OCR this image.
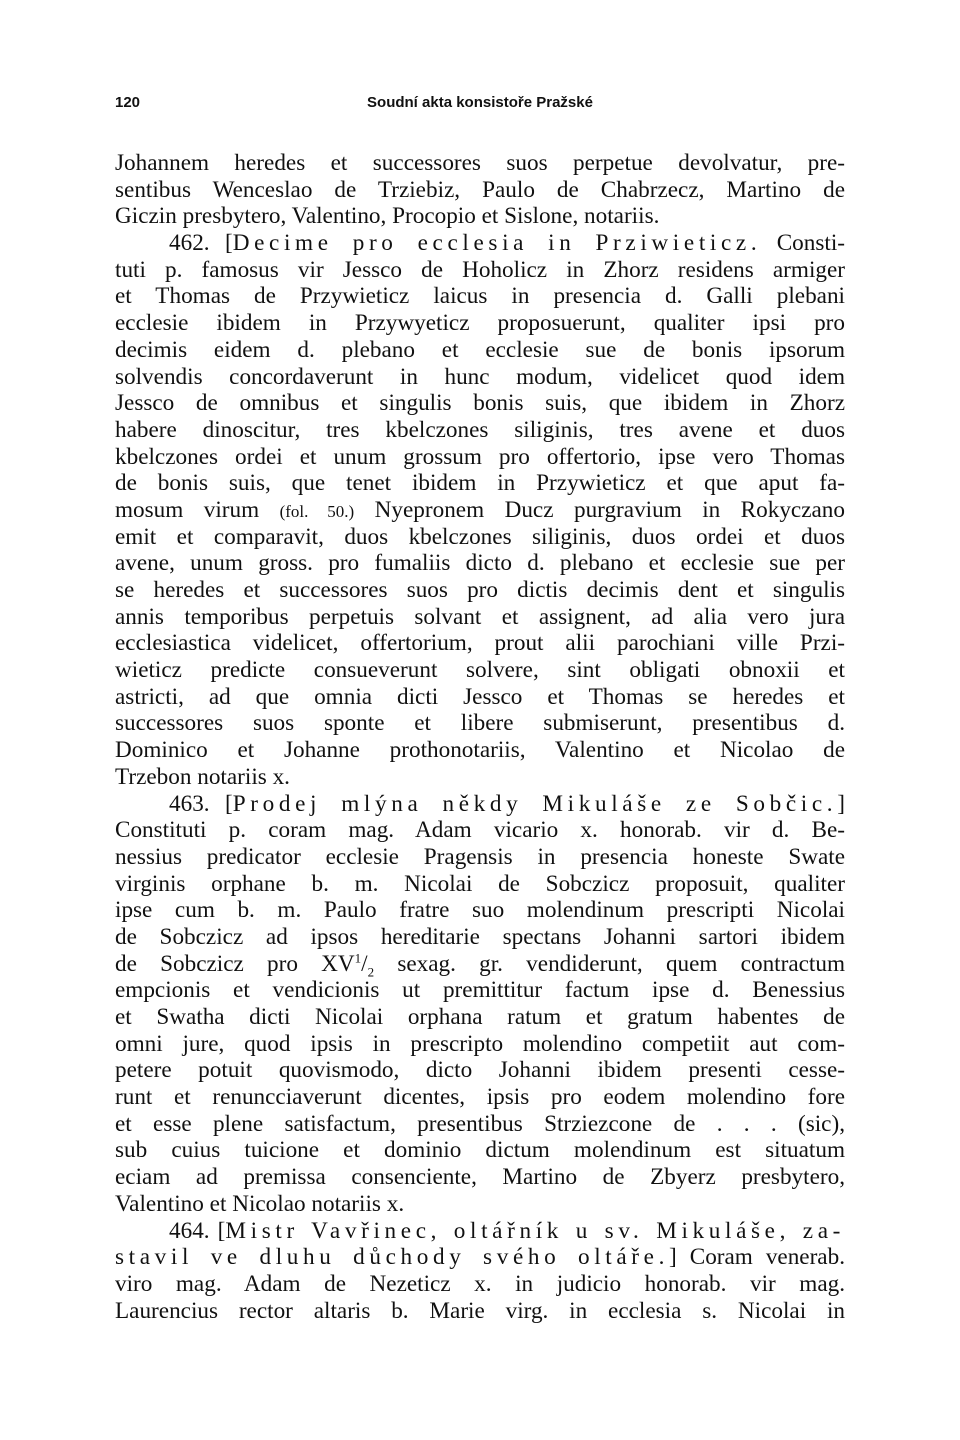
120	Soudní akta konsistoře Pražské
Johannem heredes et successores suos perpetue devolvatur, pre-
sentibus Wenceslao de Trziebiz, Paulo de Chabrzecz, Martino de
Giczin presbytero, Valentino, Procopio et Sislone, notariis.
462. [Decime pro ecclesia in Prziwieticz. Consti-
tuti p. famosus vir Jessco de Hoholicz in Zhorz residens armiger
et Thomas de Przywieticz laicus in presencia d. Galli plebani
ecclesie ibidem in Przywyeticz proposuerunt, qualiter ipsi pro
decimis eidem d. plebano et ecclesie sue de bonis ipsorum
solvendis concordaverunt in hunc modum, videlicet quod idem
Jessco de omnibus et singulis bonis suis, que ibidem in Zhorz
habere dinoscitur, tres kbelczones siliginis, tres avene et duos
kbelczones ordei et unum grossum pro offertorio, ipse vero Thomas
de bonis suis, que tenet ibidem in Przywieticz et que aput fa-
mosum virum (fol. 50.) Nyepronem Ducz purgravium in Rokyczano
emit et comparavit, duos kbelczones siliginis, duos ordei et duos
avene, unum gross. pro fumaliis dicto d. plebano et ecclesie sue per
se heredes et successores suos pro dictis decimis dent et singulis
annis temporibus perpetuis solvant et assignent, ad alia vero jura
ecclesiastica videlicet, offertorium, prout alii parochiani ville Przi-
wieticz predicte consueverunt solvere, sint obligati obnoxii et
astricti, ad que omnia dicti Jessco et Thomas se heredes et
successores suos sponte et libere submiserunt, presentibus d.
Dominico et Johanne prothonotariis, Valentino et Nicolao de
Trzebon notariis x.
463. [Prodej mlýna někdy Mikuláše ze Sobčic.]
Constituti p. coram mag. Adam vicario x. honorab. vir d. Be-
nessius predicator ecclesie Pragensis in presencia honeste Swate
virginis orphane b. m. Nicolai de Sobczicz proposuit, qualiter
ipse cum b. m. Paulo fratre suo molendinum prescripti Nicolai
de Sobczicz ad ipsos hereditarie spectans Johanni sartori ibidem
de Sobczicz pro $XV^1/_2$ sexag. gr. vendiderunt, quem contractum
empcionis et vendicionis ut premittitur factum ipse d. Benessius
et Swatha dicti Nicolai orphana ratum et gratum habentes de
omni jure, quod ipsis in prescripto molendino competiit aut com-
petere potuit quovismodo, dicto Johanni ibidem presenti cesse-
runt et renuncciaverunt dicentes, ipsis pro eodem molendino fore
et esse plene satisfactum, presentibus Strziezcone de . . . (sic),
sub cuius tuicione et dominio dictum molendinum est situatum
eciam ad premissa consenciente, Martino de Zbyerz presbytero,
Valentino et Nicolao notariis x.
464. [Mistr Vavřinec, oltářník u sv. Mikuláše, za-
stavil ve dluhu důchody svého oltáře.] Coram venerab.
viro mag. Adam de Nezeticz x. in judicio honorab. vir mag.
Laurencius rector altaris b. Marie virg. in ecclesia s. Nicolai in
